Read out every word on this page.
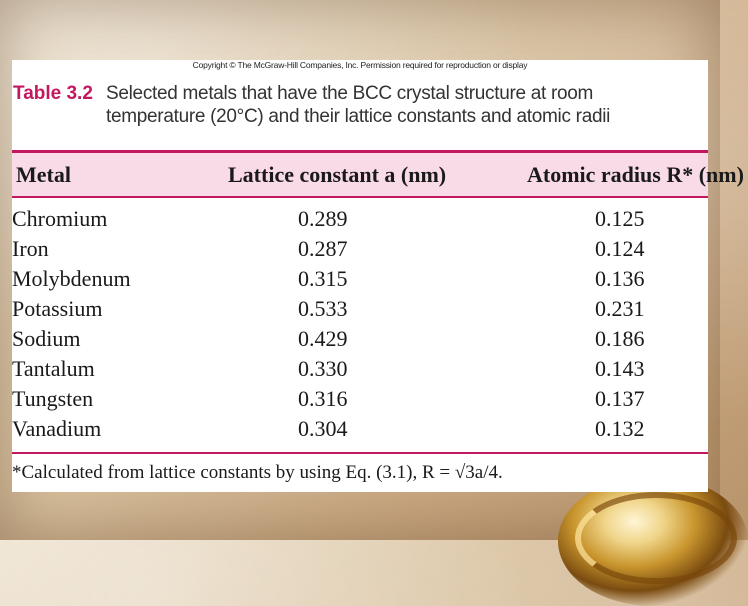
Copyright © The McGraw-Hill Companies, Inc. Permission required for reproduction or display
Table 3.2 Selected metals that have the BCC crystal structure at room temperature (20°C) and their lattice constants and atomic radii
Metal	Lattice constant a (nm)	Atomic radius R* (nm)
Chromium	0.289	0.125
Iron	0.287	0.124
Molybdenum	0.315	0.136
Potassium	0.533	0.231
Sodium	0.429	0.186
Tantalum	0.330	0.143
Tungsten	0.316	0.137
Vanadium	0.304	0.132
*Calculated from lattice constants by using Eq. (3.1), R = √3a/4.
